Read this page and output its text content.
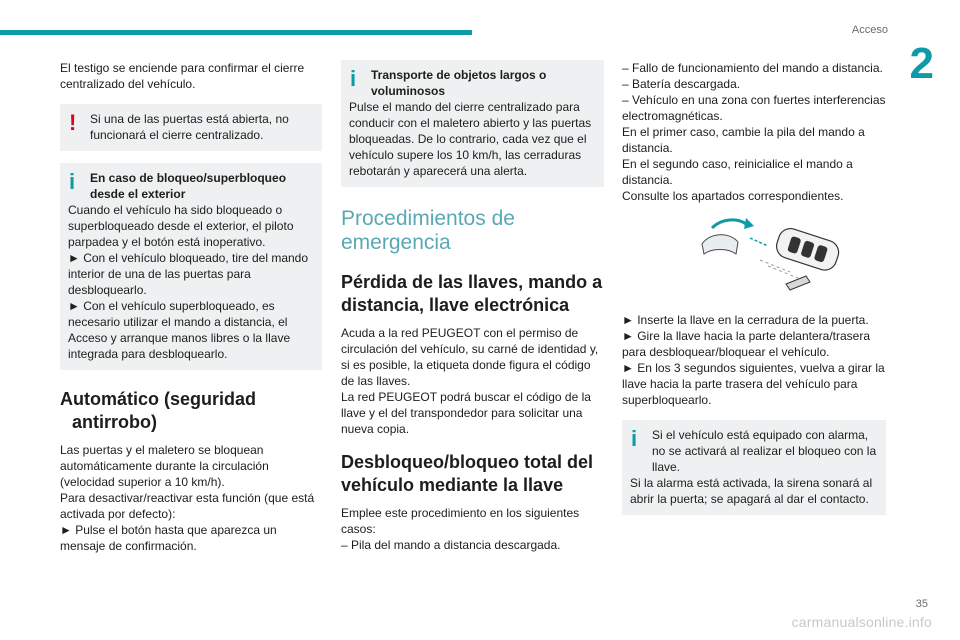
Acceso
2

El testigo se enciende para confirmar el cierre centralizado del vehículo.

! Si una de las puertas está abierta, no funcionará el cierre centralizado.

i En caso de bloqueo/superbloqueo desde el exterior

Cuando el vehículo ha sido bloqueado o superbloqueado desde el exterior, el piloto parpadea y el botón está inoperativo.

► Con el vehículo bloqueado, tire del mando interior de una de las puertas para desbloquearlo.

► Con el vehículo superbloqueado, es necesario utilizar el mando a distancia, el Acceso y arranque manos libres o la llave integrada para desbloquearlo.

Automático (seguridad
antirrobo)

Las puertas y el maletero se bloquean automáticamente durante la circulación (velocidad superior a 10 km/h).

Para desactivar/reactivar esta función (que está activada por defecto):

► Pulse el botón hasta que aparezca un mensaje de confirmación.

i Transporte de objetos largos o voluminosos

Pulse el mando del cierre centralizado para conducir con el maletero abierto y las puertas bloqueadas. De lo contrario, cada vez que el vehículo supere los 10 km/h, las cerraduras rebotarán y aparecerá una alerta.

Procedimientos de emergencia
Pérdida de las llaves, mando a distancia, llave electrónica

Acuda a la red PEUGEOT con el permiso de circulación del vehículo, su carné de identidad y, si es posible, la etiqueta donde figura el código de las llaves.

La red PEUGEOT podrá buscar el código de la llave y el del transpondedor para solicitar una nueva copia.

Desbloqueo/bloqueo total del vehículo mediante la llave

Emplee este procedimiento en los siguientes casos:

– Pila del mando a distancia descargada.

– Fallo de funcionamiento del mando a distancia.

– Batería descargada.

– Vehículo en una zona con fuertes interferencias electromagnéticas.

En el primer caso, cambie la pila del mando a distancia.

En el segundo caso, reinicialice el mando a distancia.

Consulte los apartados correspondientes.

► Inserte la llave en la cerradura de la puerta.

► Gire la llave hacia la parte delantera/trasera para desbloquear/bloquear el vehículo.

► En los 3 segundos siguientes, vuelva a girar la llave hacia la parte trasera del vehículo para superbloquearlo.

i Si el vehículo está equipado con alarma, no se activará al realizar el bloqueo con la llave.

Si la alarma está activada, la sirena sonará al abrir la puerta; se apagará al dar el contacto.

carmanualsonline.info
35
